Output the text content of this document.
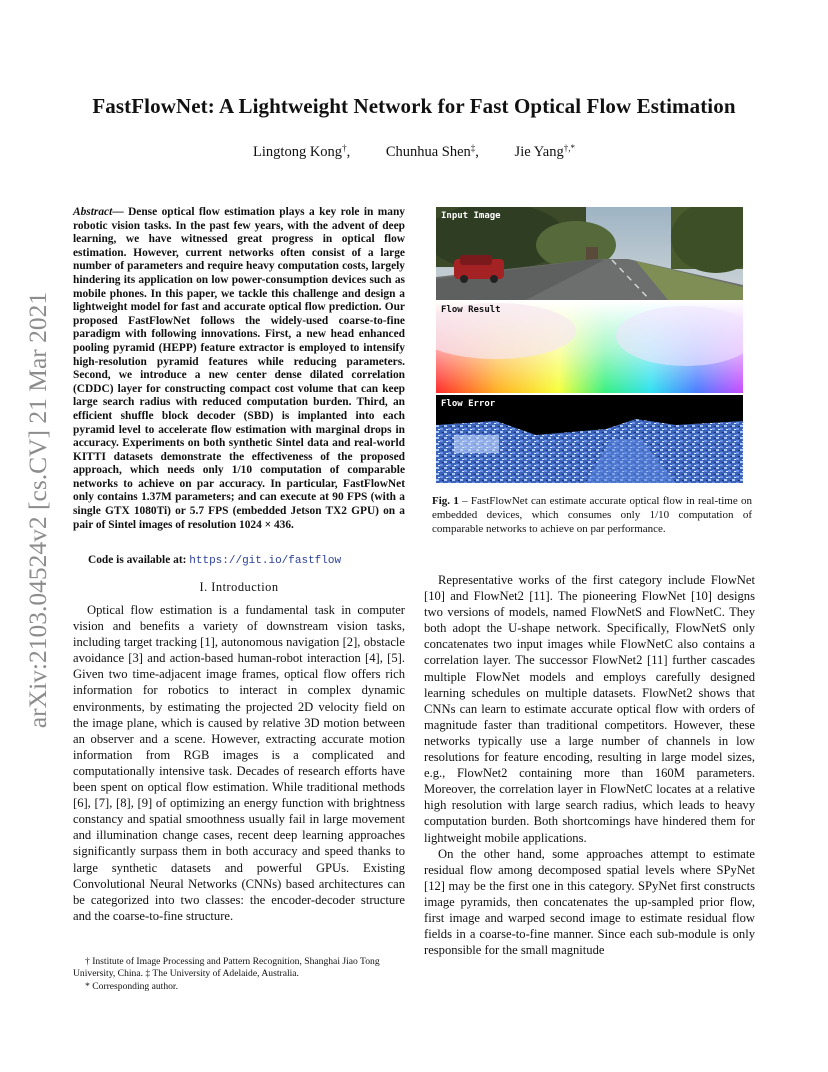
arXiv:2103.04524v2 [cs.CV] 21 Mar 2021
FastFlowNet: A Lightweight Network for Fast Optical Flow Estimation
Lingtong Kong†, Chunhua Shen‡, Jie Yang†,*
Abstract— Dense optical flow estimation plays a key role in many robotic vision tasks. In the past few years, with the advent of deep learning, we have witnessed great progress in optical flow estimation. However, current networks often consist of a large number of parameters and require heavy computation costs, largely hindering its application on low power-consumption devices such as mobile phones. In this paper, we tackle this challenge and design a lightweight model for fast and accurate optical flow prediction. Our proposed FastFlowNet follows the widely-used coarse-to-fine paradigm with following innovations. First, a new head enhanced pooling pyramid (HEPP) feature extractor is employed to intensify high-resolution pyramid features while reducing parameters. Second, we introduce a new center dense dilated correlation (CDDC) layer for constructing compact cost volume that can keep large search radius with reduced computation burden. Third, an efficient shuffle block decoder (SBD) is implanted into each pyramid level to accelerate flow estimation with marginal drops in accuracy. Experiments on both synthetic Sintel data and real-world KITTI datasets demonstrate the effectiveness of the proposed approach, which needs only 1/10 computation of comparable networks to achieve on par accuracy. In particular, FastFlowNet only contains 1.37M parameters; and can execute at 90 FPS (with a single GTX 1080Ti) or 5.7 FPS (embedded Jetson TX2 GPU) on a pair of Sintel images of resolution 1024 × 436.
Code is available at: https://git.io/fastflow
I. Introduction
Optical flow estimation is a fundamental task in computer vision and benefits a variety of downstream vision tasks, including target tracking [1], autonomous navigation [2], obstacle avoidance [3] and action-based human-robot interaction [4], [5]. Given two time-adjacent image frames, optical flow offers rich information for robotics to interact in complex dynamic environments, by estimating the projected 2D velocity field on the image plane, which is caused by relative 3D motion between an observer and a scene. However, extracting accurate motion information from RGB images is a complicated and computationally intensive task. Decades of research efforts have been spent on optical flow estimation. While traditional methods [6], [7], [8], [9] of optimizing an energy function with brightness constancy and spatial smoothness usually fail in large movement and illumination change cases, recent deep learning approaches significantly surpass them in both accuracy and speed thanks to large synthetic datasets and powerful GPUs. Existing Convolutional Neural Networks (CNNs) based architectures can be categorized into two classes: the encoder-decoder structure and the coarse-to-fine structure.
† Institute of Image Processing and Pattern Recognition, Shanghai Jiao Tong University, China. ‡ The University of Adelaide, Australia.
* Corresponding author.
Input Image
Flow Result
Flow Error
Fig. 1 – FastFlowNet can estimate accurate optical flow in real-time on embedded devices, which consumes only 1/10 computation of comparable networks to achieve on par performance.

Representative works of the first category include FlowNet [10] and FlowNet2 [11]. The pioneering FlowNet [10] designs two versions of models, named FlowNetS and FlowNetC. They both adopt the U-shape network. Specifically, FlowNetS only concatenates two input images while FlowNetC also contains a correlation layer. The successor FlowNet2 [11] further cascades multiple FlowNet models and employs carefully designed learning schedules on multiple datasets. FlowNet2 shows that CNNs can learn to estimate accurate optical flow with orders of magnitude faster than traditional competitors. However, these networks typically use a large number of channels in low resolutions for feature encoding, resulting in large model sizes, e.g., FlowNet2 containing more than 160M parameters. Moreover, the correlation layer in FlowNetC locates at a relative high resolution with large search radius, which leads to heavy computation burden. Both shortcomings have hindered them for lightweight mobile applications.

On the other hand, some approaches attempt to estimate residual flow among decomposed spatial levels where SPyNet [12] may be the first one in this category. SPyNet first constructs image pyramids, then concatenates the up-sampled prior flow, first image and warped second image to estimate residual flow fields in a coarse-to-fine manner. Since each sub-module is only responsible for the small magnitude
